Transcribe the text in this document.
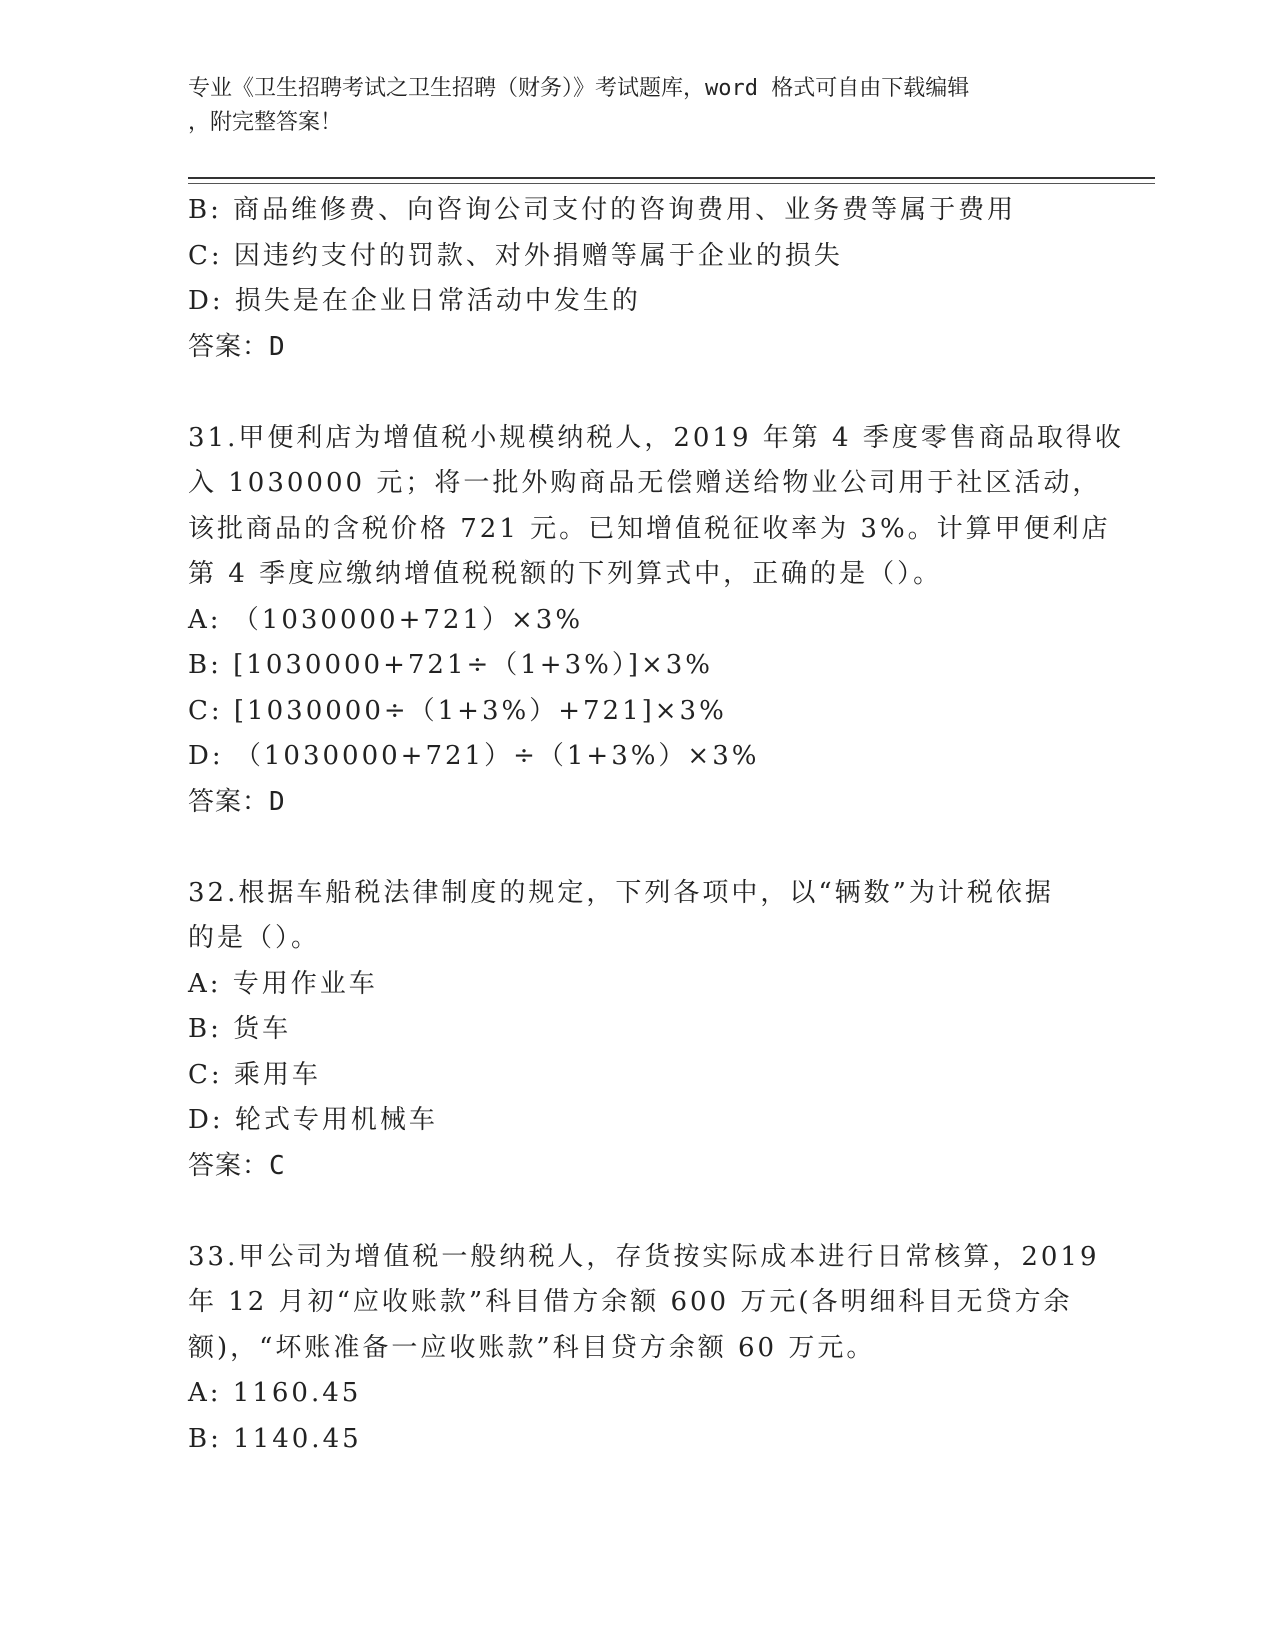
专业《卫生招聘考试之卫生招聘（财务）》考试题库，word 格式可自由下载编辑
，附完整答案！
B: 商品维修费、向咨询公司支付的咨询费用、业务费等属于费用
C: 因违约支付的罚款、对外捐赠等属于企业的损失
D: 损失是在企业日常活动中发生的
答案：D
31.甲便利店为增值税小规模纳税人，2019 年第 4 季度零售商品取得收
入 1030000 元；将一批外购商品无偿赠送给物业公司用于社区活动，
该批商品的含税价格 721 元。已知增值税征收率为 3%。计算甲便利店
第 4 季度应缴纳增值税税额的下列算式中，正确的是（）。
A: （1030000+721）×3%
B: [1030000+721÷（1+3%）]×3%
C: [1030000÷（1+3%）+721]×3%
D: （1030000+721）÷（1+3%）×3%
答案：D
32.根据车船税法律制度的规定，下列各项中，以“辆数”为计税依据
的是（）。
A: 专用作业车
B: 货车
C: 乘用车
D: 轮式专用机械车
答案：C
33.甲公司为增值税一般纳税人，存货按实际成本进行日常核算，2019
年 12 月初“应收账款”科目借方余额 600 万元(各明细科目无贷方余
额)，“坏账准备一应收账款”科目贷方余额 60 万元。
A: 1160.45
B: 1140.45
